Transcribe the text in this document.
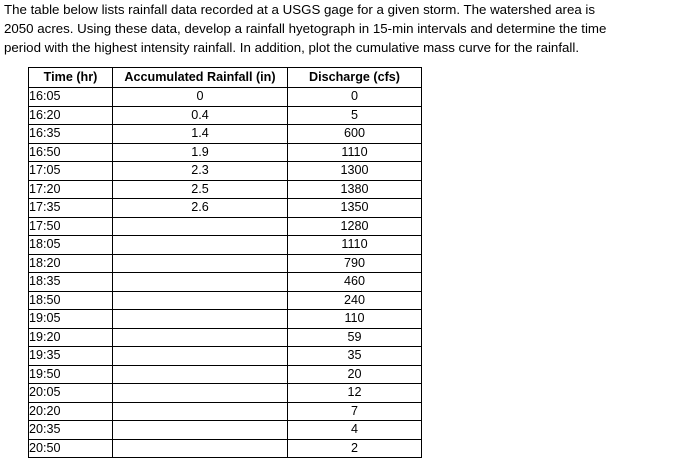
The table below lists rainfall data recorded at a USGS gage for a given storm. The watershed area is
2050 acres. Using these data, develop a rainfall hyetograph in 15-min intervals and determine the time
period with the highest intensity rainfall. In addition, plot the cumulative mass curve for the rainfall.

Time (hr)	Accumulated Rainfall (in)	Discharge (cfs)
16:05	0	0
16:20	0.4	5
16:35	1.4	600
16:50	1.9	1110
17:05	2.3	1300
17:20	2.5	1380
17:35	2.6	1350
17:50		1280
18:05		1110
18:20		790
18:35		460
18:50		240
19:05		110
19:20		59
19:35		35
19:50		20
20:05		12
20:20		7
20:35		4
20:50		2
